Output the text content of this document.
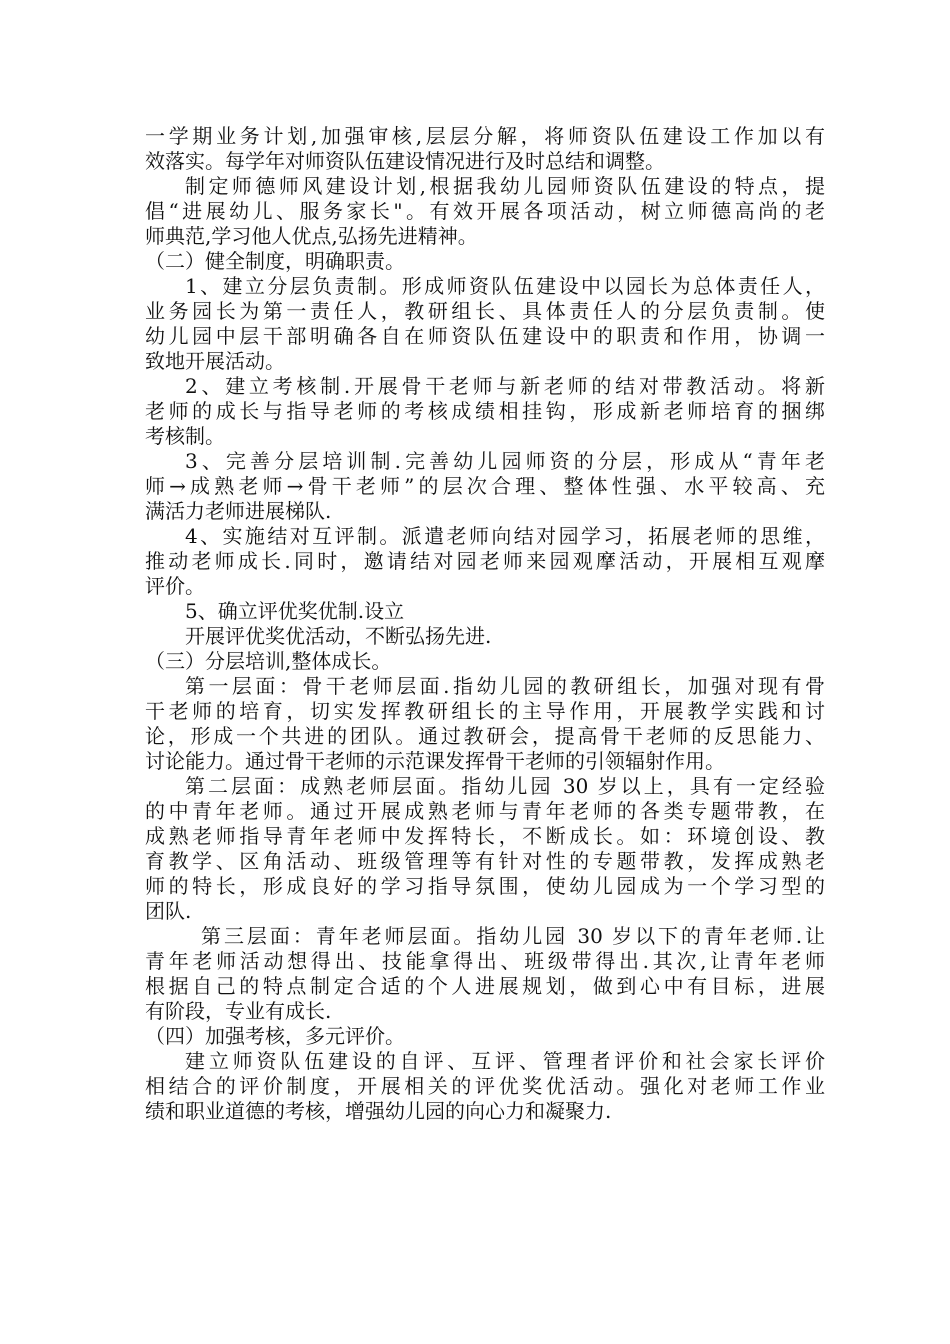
一学期业务计划,加强审核,层层分解，将师资队伍建设工作加以有
效落实。每学年对师资队伍建设情况进行及时总结和调整。
制定师德师风建设计划,根据我幼儿园师资队伍建设的特点，提
倡“进展幼儿、服务家长"。有效开展各项活动，树立师德高尚的老
师典范,学习他人优点,弘扬先进精神。
（二）健全制度，明确职责。
1、建立分层负责制。形成师资队伍建设中以园长为总体责任人，
业务园长为第一责任人，教研组长、具体责任人的分层负责制。使
幼儿园中层干部明确各自在师资队伍建设中的职责和作用，协调一
致地开展活动。
2、建立考核制.开展骨干老师与新老师的结对带教活动。将新
老师的成长与指导老师的考核成绩相挂钩，形成新老师培育的捆绑
考核制。
3、完善分层培训制.完善幼儿园师资的分层，形成从“青年老
师→成熟老师→骨干老师”的层次合理、整体性强、水平较高、充
满活力老师进展梯队.
4、实施结对互评制。派遣老师向结对园学习，拓展老师的思维，
推动老师成长.同时，邀请结对园老师来园观摩活动，开展相互观摩
评价。
5、确立评优奖优制.设立
开展评优奖优活动，不断弘扬先进.
（三）分层培训,整体成长。
第一层面：骨干老师层面.指幼儿园的教研组长，加强对现有骨
干老师的培育，切实发挥教研组长的主导作用，开展教学实践和讨
论，形成一个共进的团队。通过教研会，提高骨干老师的反思能力、
讨论能力。通过骨干老师的示范课发挥骨干老师的引领辐射作用。
第二层面：成熟老师层面。指幼儿园 30 岁以上，具有一定经验
的中青年老师。通过开展成熟老师与青年老师的各类专题带教，在
成熟老师指导青年老师中发挥特长，不断成长。如：环境创设、教
育教学、区角活动、班级管理等有针对性的专题带教，发挥成熟老
师的特长，形成良好的学习指导氛围，使幼儿园成为一个学习型的
团队.
第三层面：青年老师层面。指幼儿园 30 岁以下的青年老师.让
青年老师活动想得出、技能拿得出、班级带得出.其次,让青年老师
根据自己的特点制定合适的个人进展规划，做到心中有目标，进展
有阶段，专业有成长.
（四）加强考核，多元评价。
建立师资队伍建设的自评、互评、管理者评价和社会家长评价
相结合的评价制度，开展相关的评优奖优活动。强化对老师工作业
绩和职业道德的考核，增强幼儿园的向心力和凝聚力.
